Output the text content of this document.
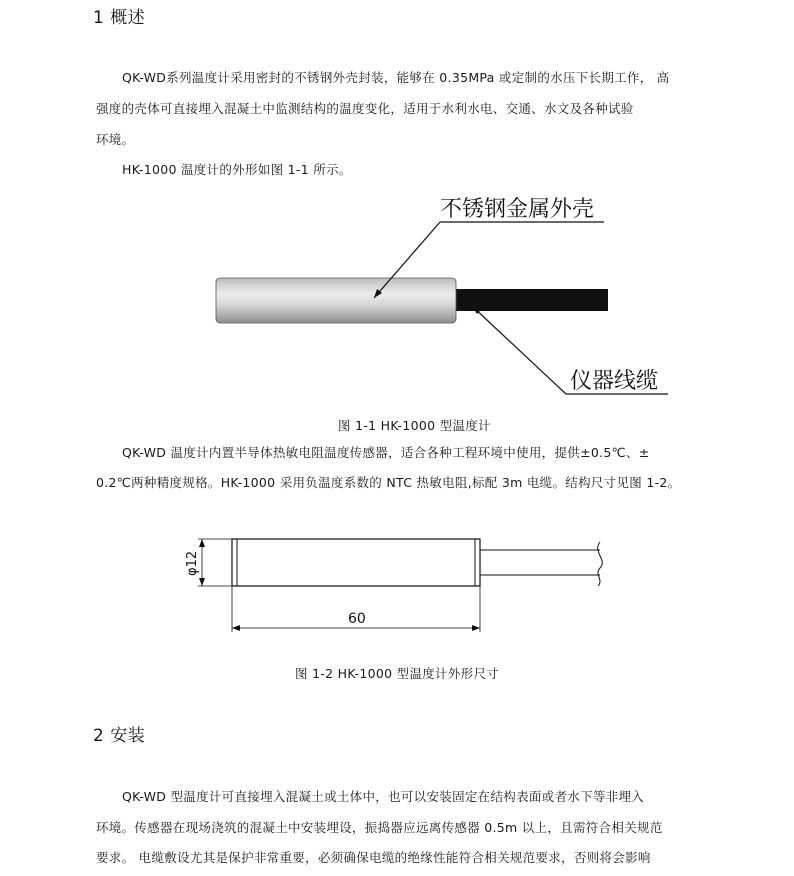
1 概述
QK-WD系列温度计采用密封的不锈钢外壳封装，能够在 0.35MPa 或定制的水压下长期工作， 高
强度的壳体可直接埋入混凝土中监测结构的温度变化，适用于水利水电、交通、水文及各种试验
环境。
HK-1000 温度计的外形如图 1-1 所示。
不锈钢金属外壳
仪器线缆
图 1-1 HK-1000 型温度计
QK-WD 温度计内置半导体热敏电阻温度传感器，适合各种工程环境中使用，提供±0.5℃、±
0.2℃两种精度规格。HK-1000 采用负温度系数的 NTC 热敏电阻,标配 3m 电缆。结构尺寸见图 1-2。
φ12
60
图 1-2 HK-1000 型温度计外形尺寸
2 安装
QK-WD 型温度计可直接埋入混凝土或土体中，也可以安装固定在结构表面或者水下等非埋入
环境。传感器在现场浇筑的混凝土中安装埋设，振捣器应远离传感器 0.5m 以上，且需符合相关规范
要求。 电缆敷设尤其是保护非常重要，必须确保电缆的绝缘性能符合相关规范要求，否则将会影响
